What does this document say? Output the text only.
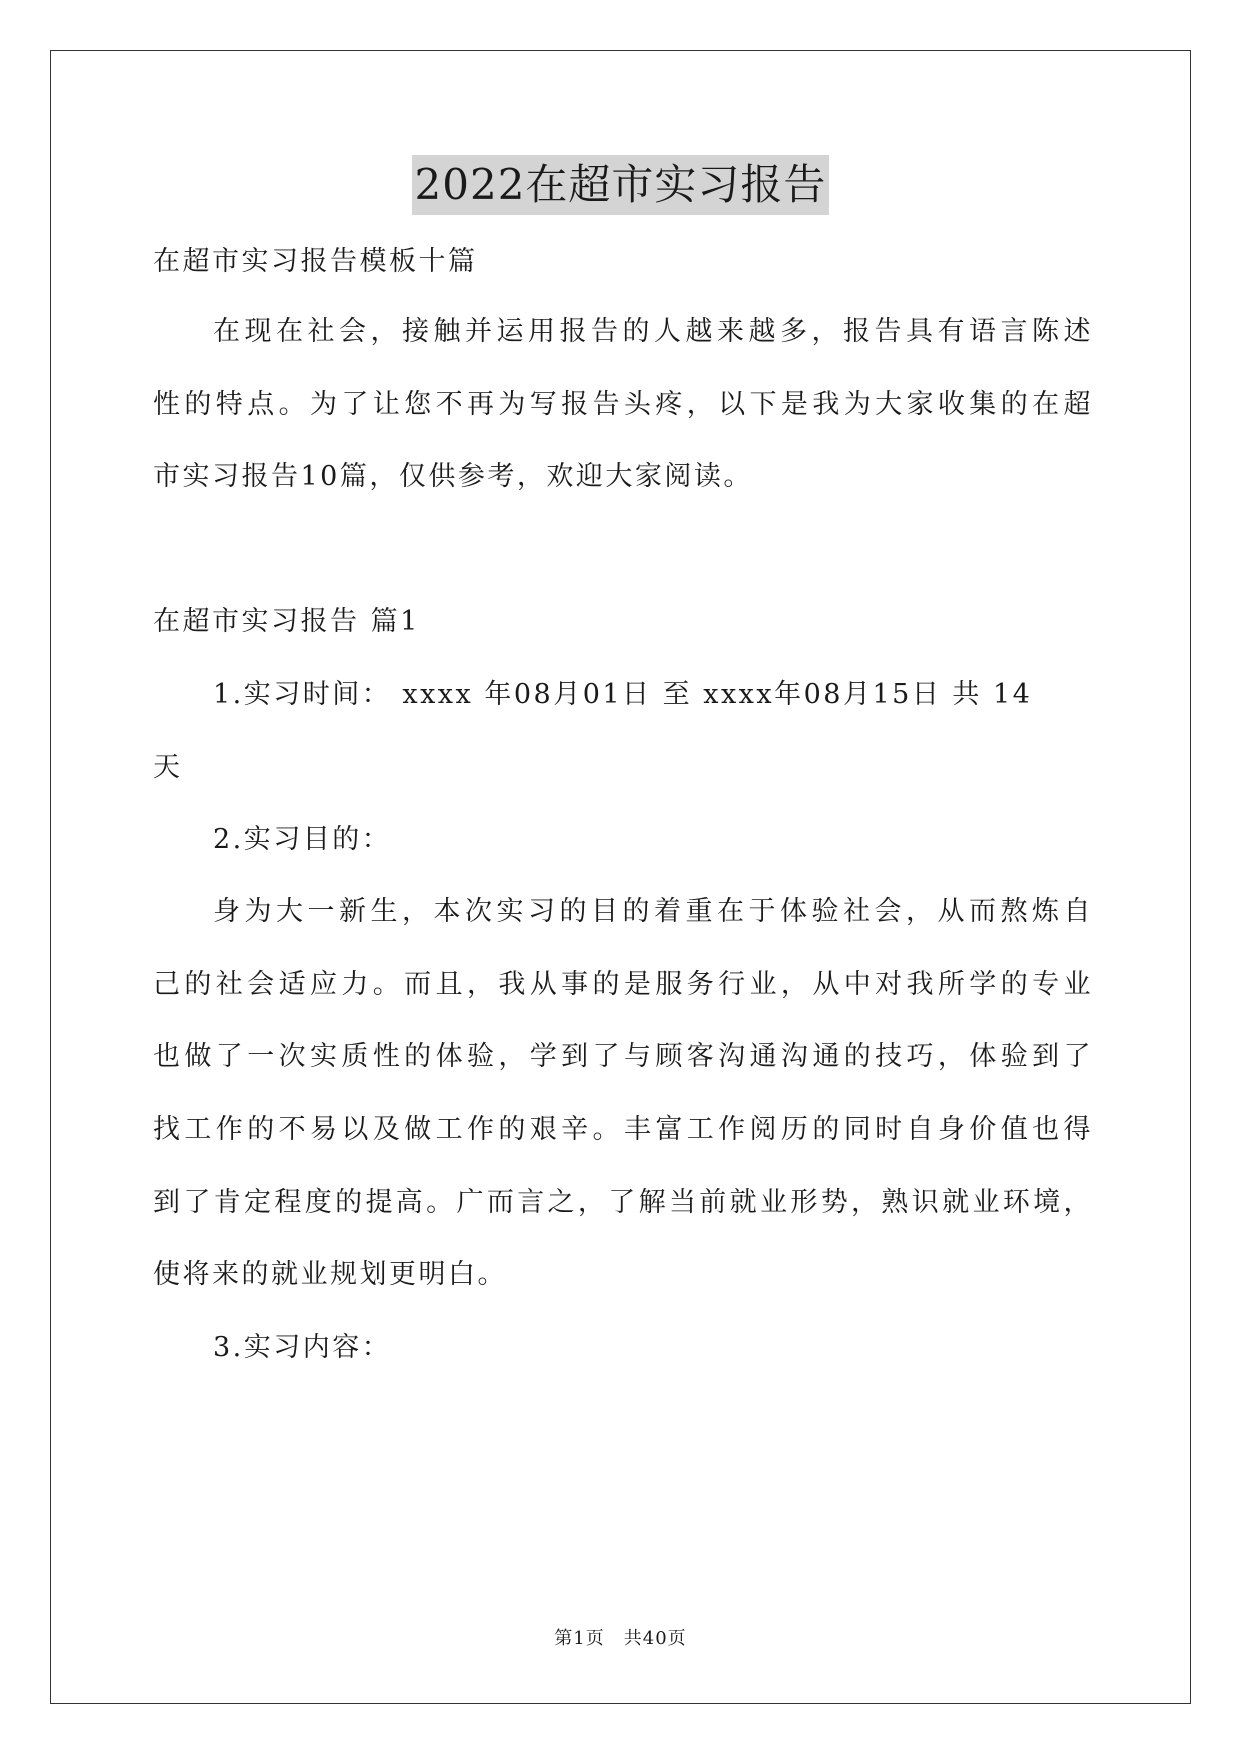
2022在超市实习报告
在超市实习报告模板十篇
在现在社会，接触并运用报告的人越来越多，报告具有语言陈述
性的特点。为了让您不再为写报告头疼，以下是我为大家收集的在超
市实习报告10篇，仅供参考，欢迎大家阅读。
在超市实习报告 篇1
1.实习时间： xxxx 年08月01日 至 xxxx年08月15日 共 14
天
2.实习目的：
身为大一新生，本次实习的目的着重在于体验社会，从而熬炼自
己的社会适应力。而且，我从事的是服务行业，从中对我所学的专业
也做了一次实质性的体验，学到了与顾客沟通沟通的技巧，体验到了
找工作的不易以及做工作的艰辛。丰富工作阅历的同时自身价值也得
到了肯定程度的提高。广而言之，了解当前就业形势，熟识就业环境，
使将来的就业规划更明白。
3.实习内容：
第1页　共40页
